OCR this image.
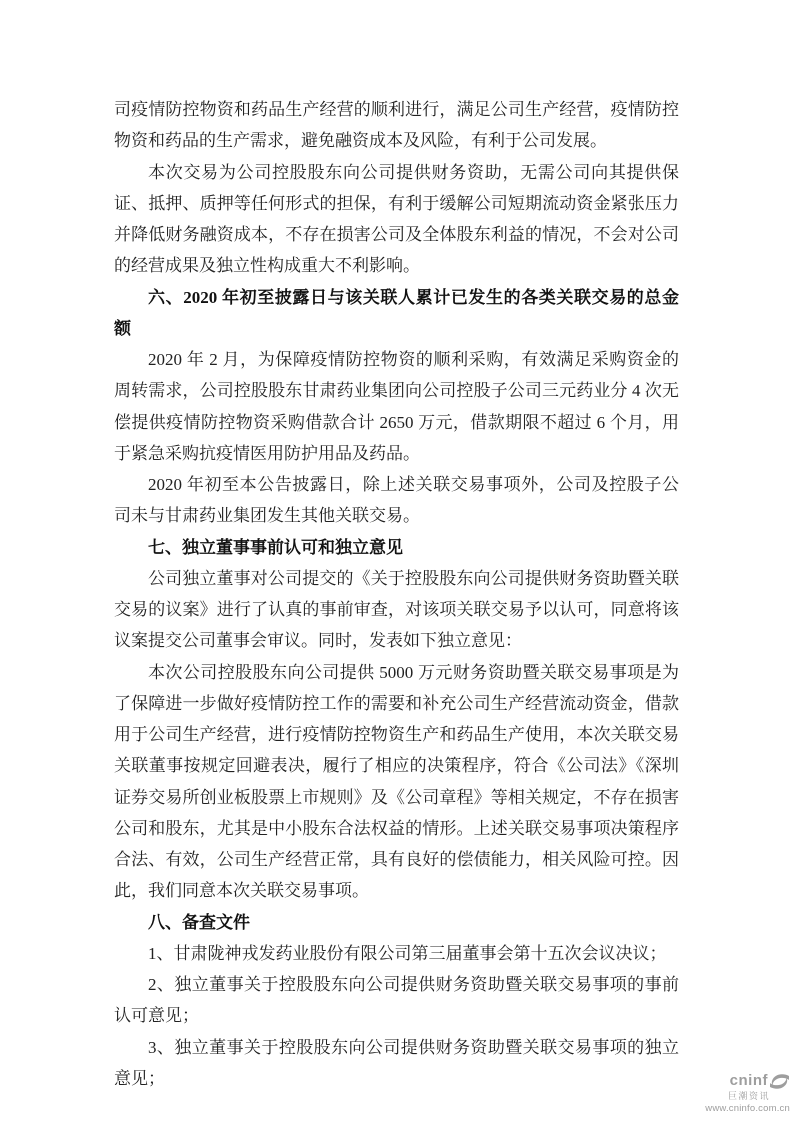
司疫情防控物资和药品生产经营的顺利进行，满足公司生产经营，疫情防控物资和药品的生产需求，避免融资成本及风险，有利于公司发展。

本次交易为公司控股股东向公司提供财务资助，无需公司向其提供保证、抵押、质押等任何形式的担保，有利于缓解公司短期流动资金紧张压力并降低财务融资成本，不存在损害公司及全体股东利益的情况，不会对公司的经营成果及独立性构成重大不利影响。

六、2020 年初至披露日与该关联人累计已发生的各类关联交易的总金额

2020 年 2 月，为保障疫情防控物资的顺利采购，有效满足采购资金的周转需求，公司控股股东甘肃药业集团向公司控股子公司三元药业分 4 次无偿提供疫情防控物资采购借款合计 2650 万元，借款期限不超过 6 个月，用于紧急采购抗疫情医用防护用品及药品。

2020 年初至本公告披露日，除上述关联交易事项外，公司及控股子公司未与甘肃药业集团发生其他关联交易。

七、独立董事事前认可和独立意见

公司独立董事对公司提交的《关于控股股东向公司提供财务资助暨关联交易的议案》进行了认真的事前审查，对该项关联交易予以认可，同意将该议案提交公司董事会审议。同时，发表如下独立意见：

本次公司控股股东向公司提供 5000 万元财务资助暨关联交易事项是为了保障进一步做好疫情防控工作的需要和补充公司生产经营流动资金，借款用于公司生产经营，进行疫情防控物资生产和药品生产使用，本次关联交易关联董事按规定回避表决，履行了相应的决策程序，符合《公司法》《深圳证券交易所创业板股票上市规则》及《公司章程》等相关规定，不存在损害公司和股东，尤其是中小股东合法权益的情形。上述关联交易事项决策程序合法、有效，公司生产经营正常，具有良好的偿债能力，相关风险可控。因此，我们同意本次关联交易事项。

八、备查文件

1、甘肃陇神戎发药业股份有限公司第三届董事会第十五次会议决议；

2、独立董事关于控股股东向公司提供财务资助暨关联交易事项的事前认可意见；

3、独立董事关于控股股东向公司提供财务资助暨关联交易事项的独立意见；	cninf
巨潮资讯
www.cninfo.com.cn
